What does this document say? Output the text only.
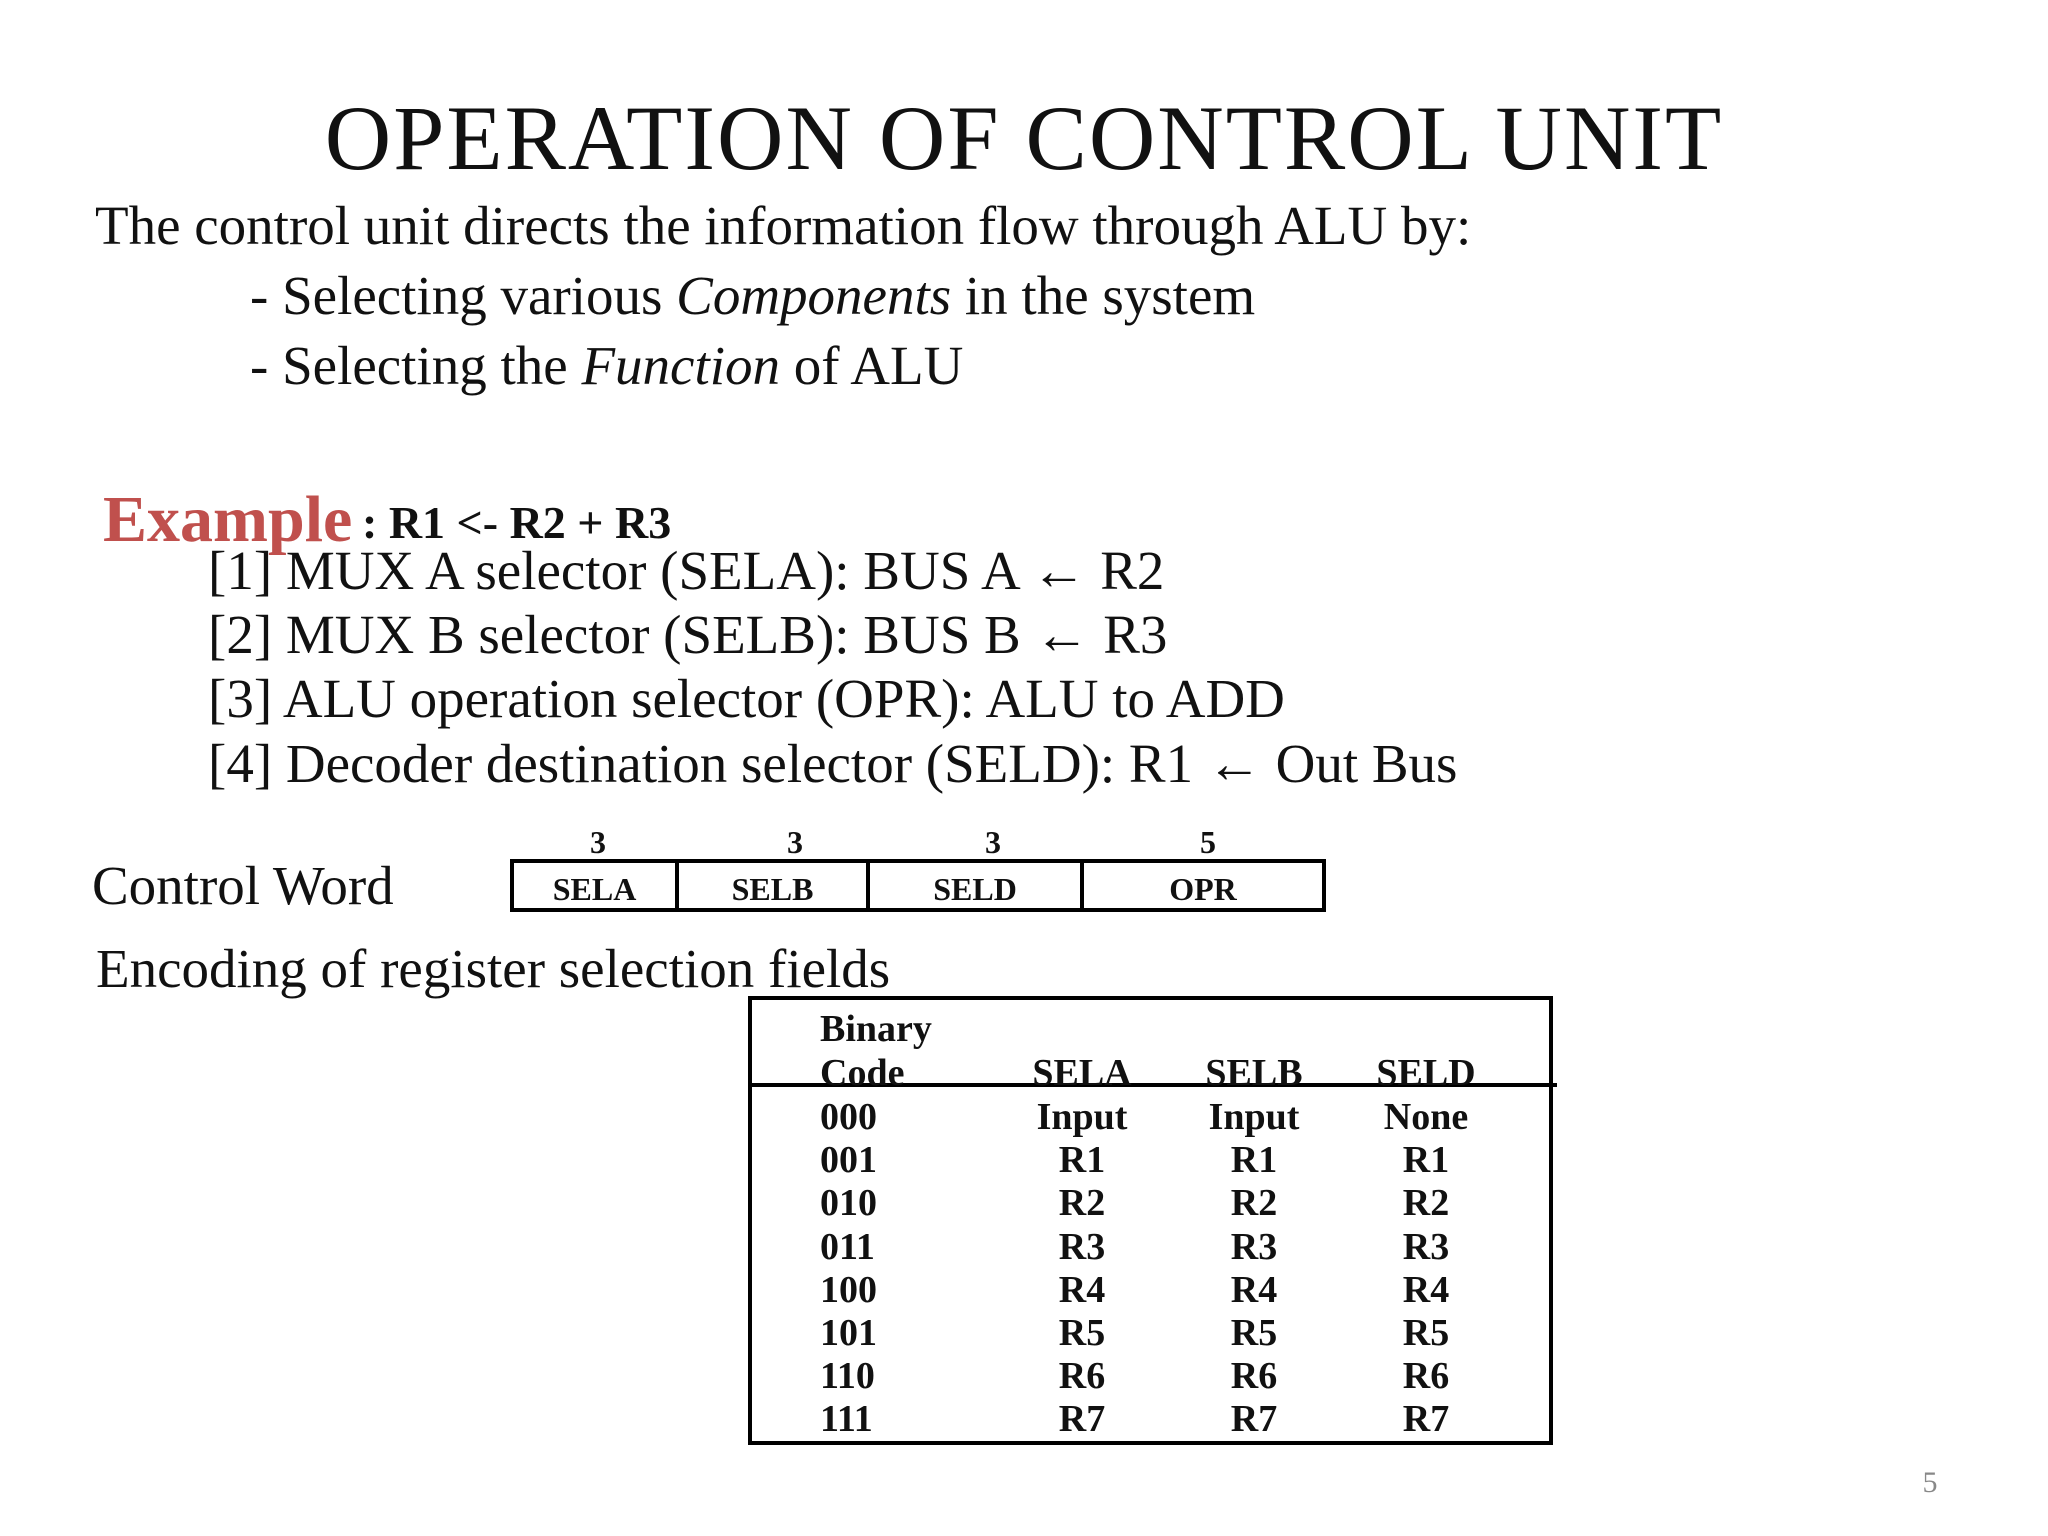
OPERATION OF CONTROL UNIT
The control unit directs the information flow through ALU by:
- Selecting various Components in the system
- Selecting the Function of ALU
Example : R1 <- R2 + R3
[1] MUX A selector (SELA): BUS A ← R2
[2] MUX B selector (SELB): BUS B ← R3
[3] ALU operation selector (OPR): ALU to ADD
[4] Decoder destination selector (SELD): R1 ← Out Bus
Control Word
3	3	3	5
SELA	SELB	SELD	OPR
Encoding of register selection fields
Binary
Code	SELA	SELB	SELD
000	Input	Input	None
001	R1	R1	R1
010	R2	R2	R2
011	R3	R3	R3
100	R4	R4	R4
101	R5	R5	R5
110	R6	R6	R6
111	R7	R7	R7
5
